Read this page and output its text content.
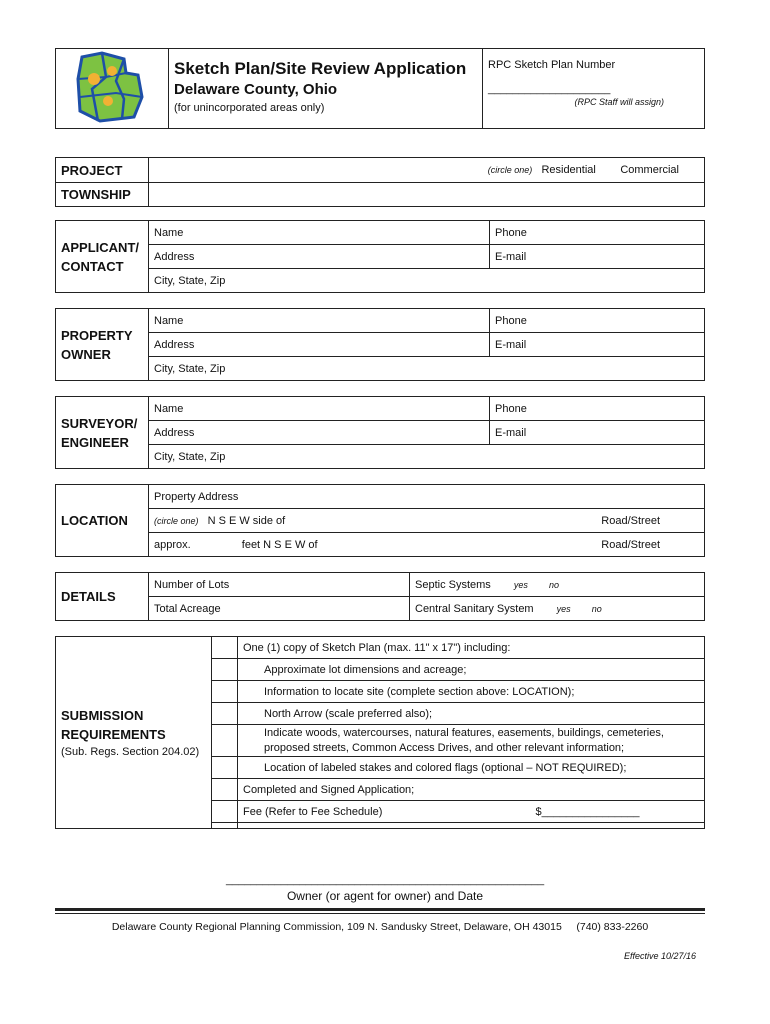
Sketch Plan/Site Review Application
Delaware County, Ohio
(for unincorporated areas only)

RPC Sketch Plan Number
____________________
(RPC Staff will assign)
PROJECT	(circle one) Residential Commercial
TOWNSHIP	
APPLICANT/
CONTACT	Name	Phone
	Address	E-mail
	City, State, Zip	
PROPERTY
OWNER	Name	Phone
	Address	E-mail
	City, State, Zip	
SURVEYOR/
ENGINEER	Name	Phone
	Address	E-mail
	City, State, Zip	
LOCATION	Property Address
(circle one) N S E W side of	Road/Street

approx.	feet N S E W of	Road/Street
DETAILS	Number of Lots	Septic Systems yes no
	Total Acreage	Central Sanitary System yes no
SUBMISSION
REQUIREMENTS
(Sub. Regs. Section 204.02)		One (1) copy of Sketch Plan (max. 11" x 17") including:
		Approximate lot dimensions and acreage;
		Information to locate site (complete section above: LOCATION);
		North Arrow (scale preferred also);

		Indicate woods, watercourses, natural features, easements, buildings, cemeteries,
proposed streets, Common Access Drives, and other relevant information;

		Location of labeled stakes and colored flags (optional – NOT REQUIRED);
		Completed and Signed Application;
		Fee (Refer to Fee Schedule) $________________

____________________________________________________
Owner (or agent for owner) and Date
Delaware County Regional Planning Commission, 109 N. Sandusky Street, Delaware, OH 43015     (740) 833-2260
Effective 10/27/16
